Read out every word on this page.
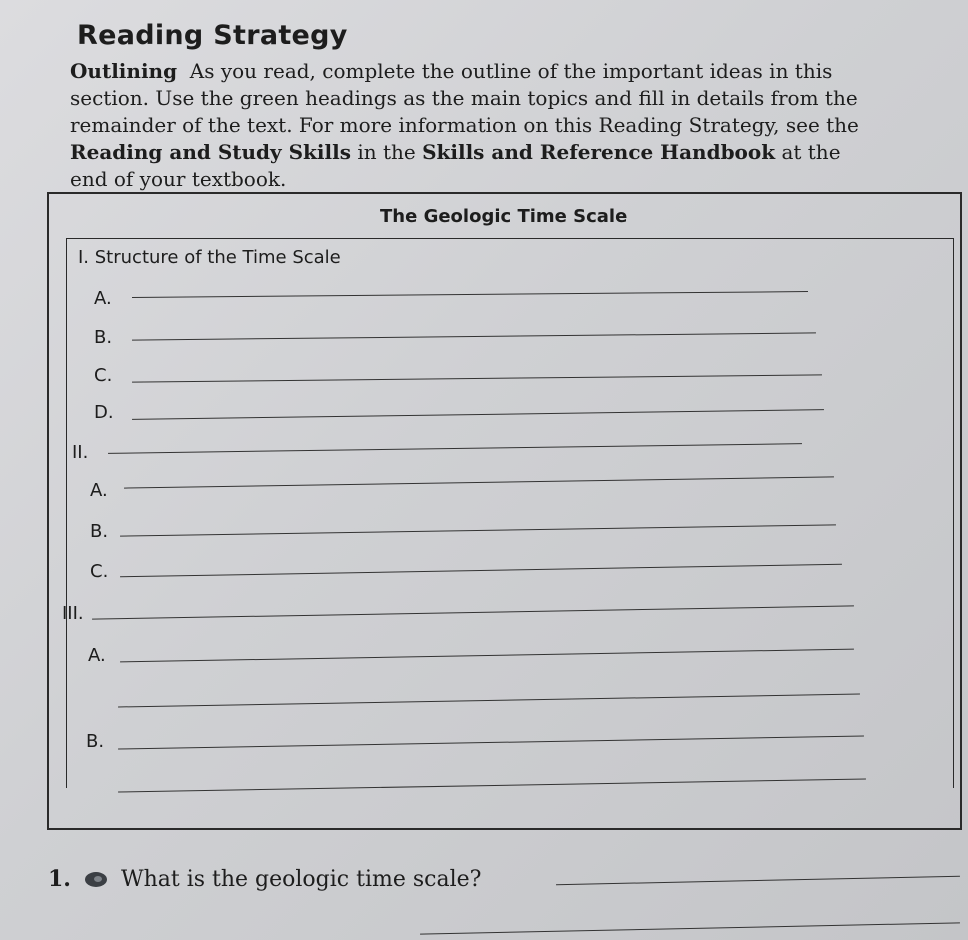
Reading Strategy
Outlining As you read, complete the outline of the important ideas in this section. Use the green headings as the main topics and fill in details from the remainder of the text. For more information on this Reading Strategy, see the Reading and Study Skills in the Skills and Reference Handbook at the end of your textbook.
The Geologic Time Scale
I. Structure of the Time Scale
A.
B.
C.
D.
II.
A.
B.
C.
III.
A.
B.
1. What is the geologic time scale?
